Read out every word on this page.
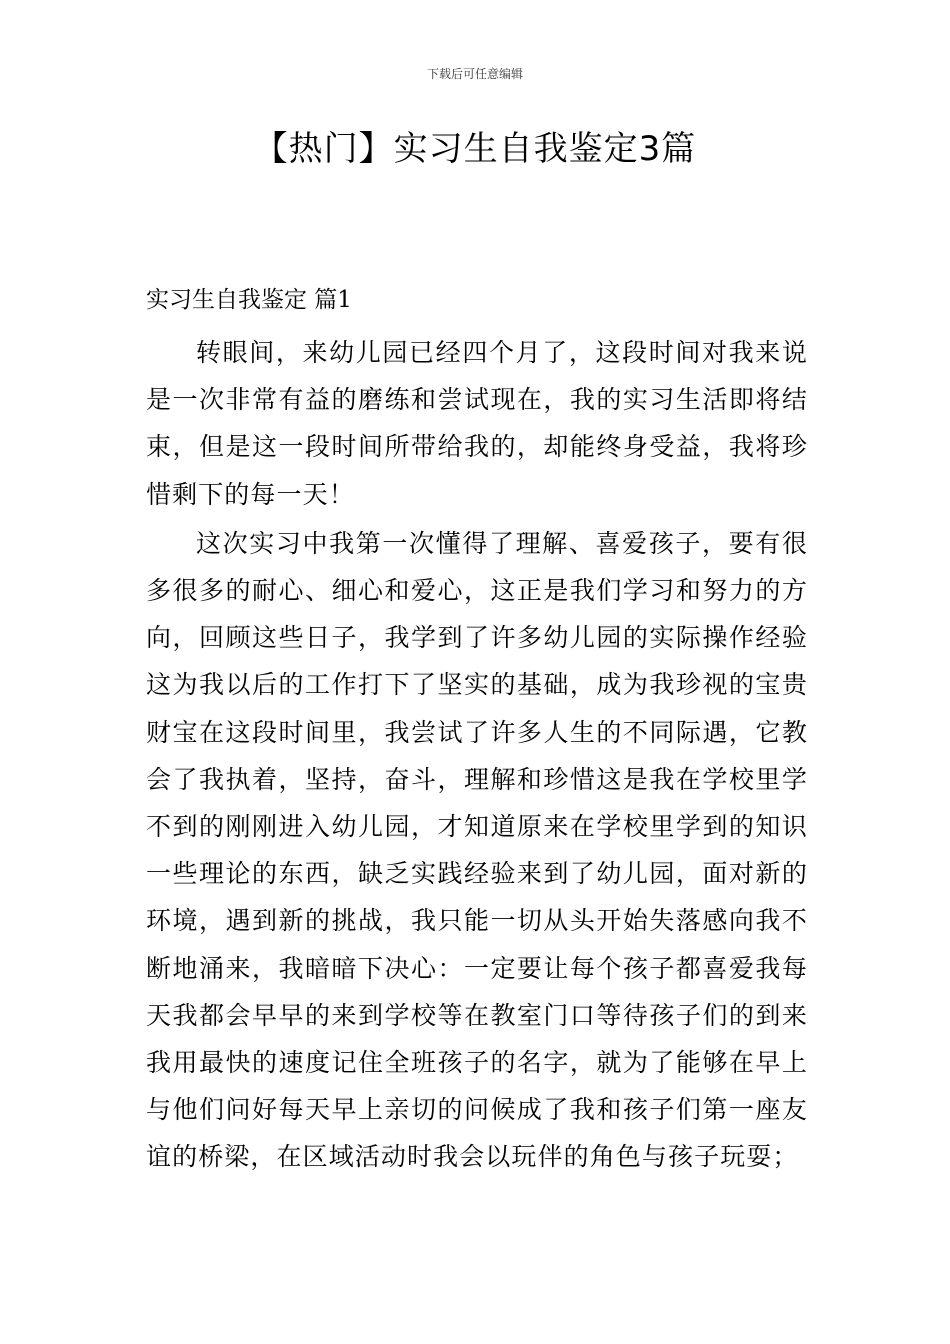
下载后可任意编辑
【热门】实习生自我鉴定3篇
实习生自我鉴定 篇1

转眼间，来幼儿园已经四个月了，这段时间对我来说是一次非常有益的磨练和尝试现在，我的实习生活即将结束，但是这一段时间所带给我的，却能终身受益，我将珍惜剩下的每一天！

这次实习中我第一次懂得了理解、喜爱孩子，要有很多很多的耐心、细心和爱心，这正是我们学习和努力的方向，回顾这些日子，我学到了许多幼儿园的实际操作经验这为我以后的工作打下了坚实的基础，成为我珍视的宝贵财宝在这段时间里，我尝试了许多人生的不同际遇，它教会了我执着，坚持，奋斗，理解和珍惜这是我在学校里学不到的刚刚进入幼儿园，才知道原来在学校里学到的知识一些理论的东西，缺乏实践经验来到了幼儿园，面对新的环境，遇到新的挑战，我只能一切从头开始失落感向我不断地涌来，我暗暗下决心：一定要让每个孩子都喜爱我每天我都会早早的来到学校等在教室门口等待孩子们的到来我用最快的速度记住全班孩子的名字，就为了能够在早上与他们问好每天早上亲切的问候成了我和孩子们第一座友谊的桥梁，在区域活动时我会以玩伴的角色与孩子玩耍；
